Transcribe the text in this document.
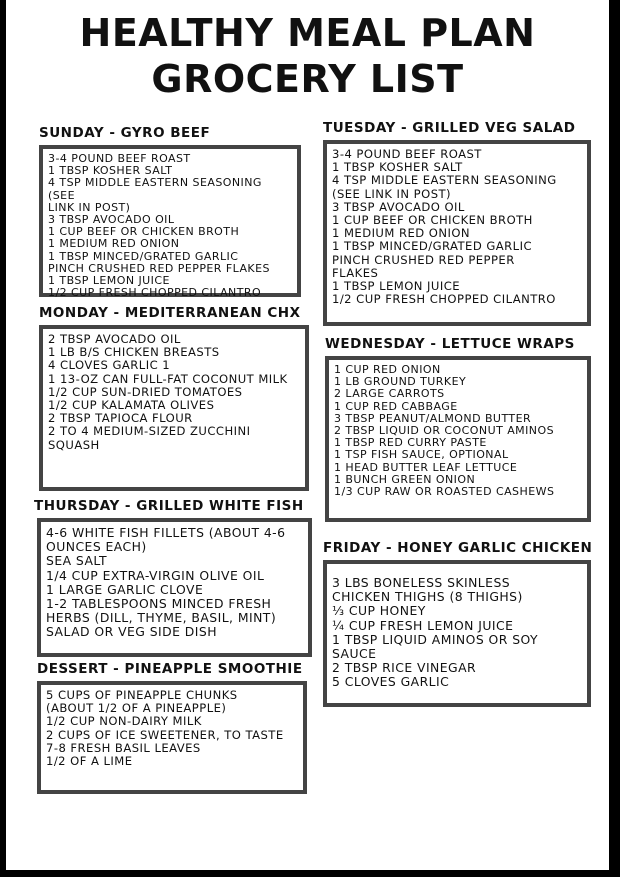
HEALTHY MEAL PLAN
GROCERY LIST
SUNDAY - GYRO BEEF
3-4 POUND BEEF ROAST
1 TBSP KOSHER SALT
4 TSP MIDDLE EASTERN SEASONING (SEE
LINK IN POST)
3 TBSP AVOCADO OIL
1 CUP BEEF OR CHICKEN BROTH
1 MEDIUM RED ONION
1 TBSP MINCED/GRATED GARLIC
PINCH CRUSHED RED PEPPER FLAKES
1 TBSP LEMON JUICE
1/2 CUP FRESH CHOPPED CILANTRO
MONDAY - MEDITERRANEAN CHX
2 TBSP AVOCADO OIL
1 LB B/S CHICKEN BREASTS
4 CLOVES GARLIC 1
1 13-OZ CAN FULL-FAT COCONUT MILK
1/2 CUP SUN-DRIED TOMATOES
1/2 CUP KALAMATA OLIVES
2 TBSP TAPIOCA FLOUR
2 TO 4 MEDIUM-SIZED ZUCCHINI
SQUASH
THURSDAY - GRILLED WHITE FISH
4-6 WHITE FISH FILLETS (ABOUT 4-6
OUNCES EACH)
SEA SALT
1/4 CUP EXTRA-VIRGIN OLIVE OIL
1 LARGE GARLIC CLOVE
1-2 TABLESPOONS MINCED FRESH
HERBS (DILL, THYME, BASIL, MINT)
SALAD OR VEG SIDE DISH
DESSERT - PINEAPPLE SMOOTHIE
5 CUPS OF PINEAPPLE CHUNKS
(ABOUT 1/2 OF A PINEAPPLE)
1/2 CUP NON-DAIRY MILK
2 CUPS OF ICE SWEETENER, TO TASTE
7-8 FRESH BASIL LEAVES
1/2 OF A LIME
TUESDAY - GRILLED VEG SALAD
3-4 POUND BEEF ROAST
1 TBSP KOSHER SALT
4 TSP MIDDLE EASTERN SEASONING
(SEE LINK IN POST)
3 TBSP AVOCADO OIL
1 CUP BEEF OR CHICKEN BROTH
1 MEDIUM RED ONION
1 TBSP MINCED/GRATED GARLIC
PINCH CRUSHED RED PEPPER
FLAKES
1 TBSP LEMON JUICE
1/2 CUP FRESH CHOPPED CILANTRO
WEDNESDAY - LETTUCE WRAPS
1 CUP RED ONION
1 LB GROUND TURKEY
2 LARGE CARROTS
1 CUP RED CABBAGE
3 TBSP PEANUT/ALMOND BUTTER
2 TBSP LIQUID OR COCONUT AMINOS
1 TBSP RED CURRY PASTE
1 TSP FISH SAUCE, OPTIONAL
1 HEAD BUTTER LEAF LETTUCE
1 BUNCH GREEN ONION
1/3 CUP RAW OR ROASTED CASHEWS
FRIDAY - HONEY GARLIC CHICKEN
3 LBS BONELESS SKINLESS
CHICKEN THIGHS (8 THIGHS)
⅓ CUP HONEY
¼ CUP FRESH LEMON JUICE
1 TBSP LIQUID AMINOS OR SOY
SAUCE
2 TBSP RICE VINEGAR
5 CLOVES GARLIC
